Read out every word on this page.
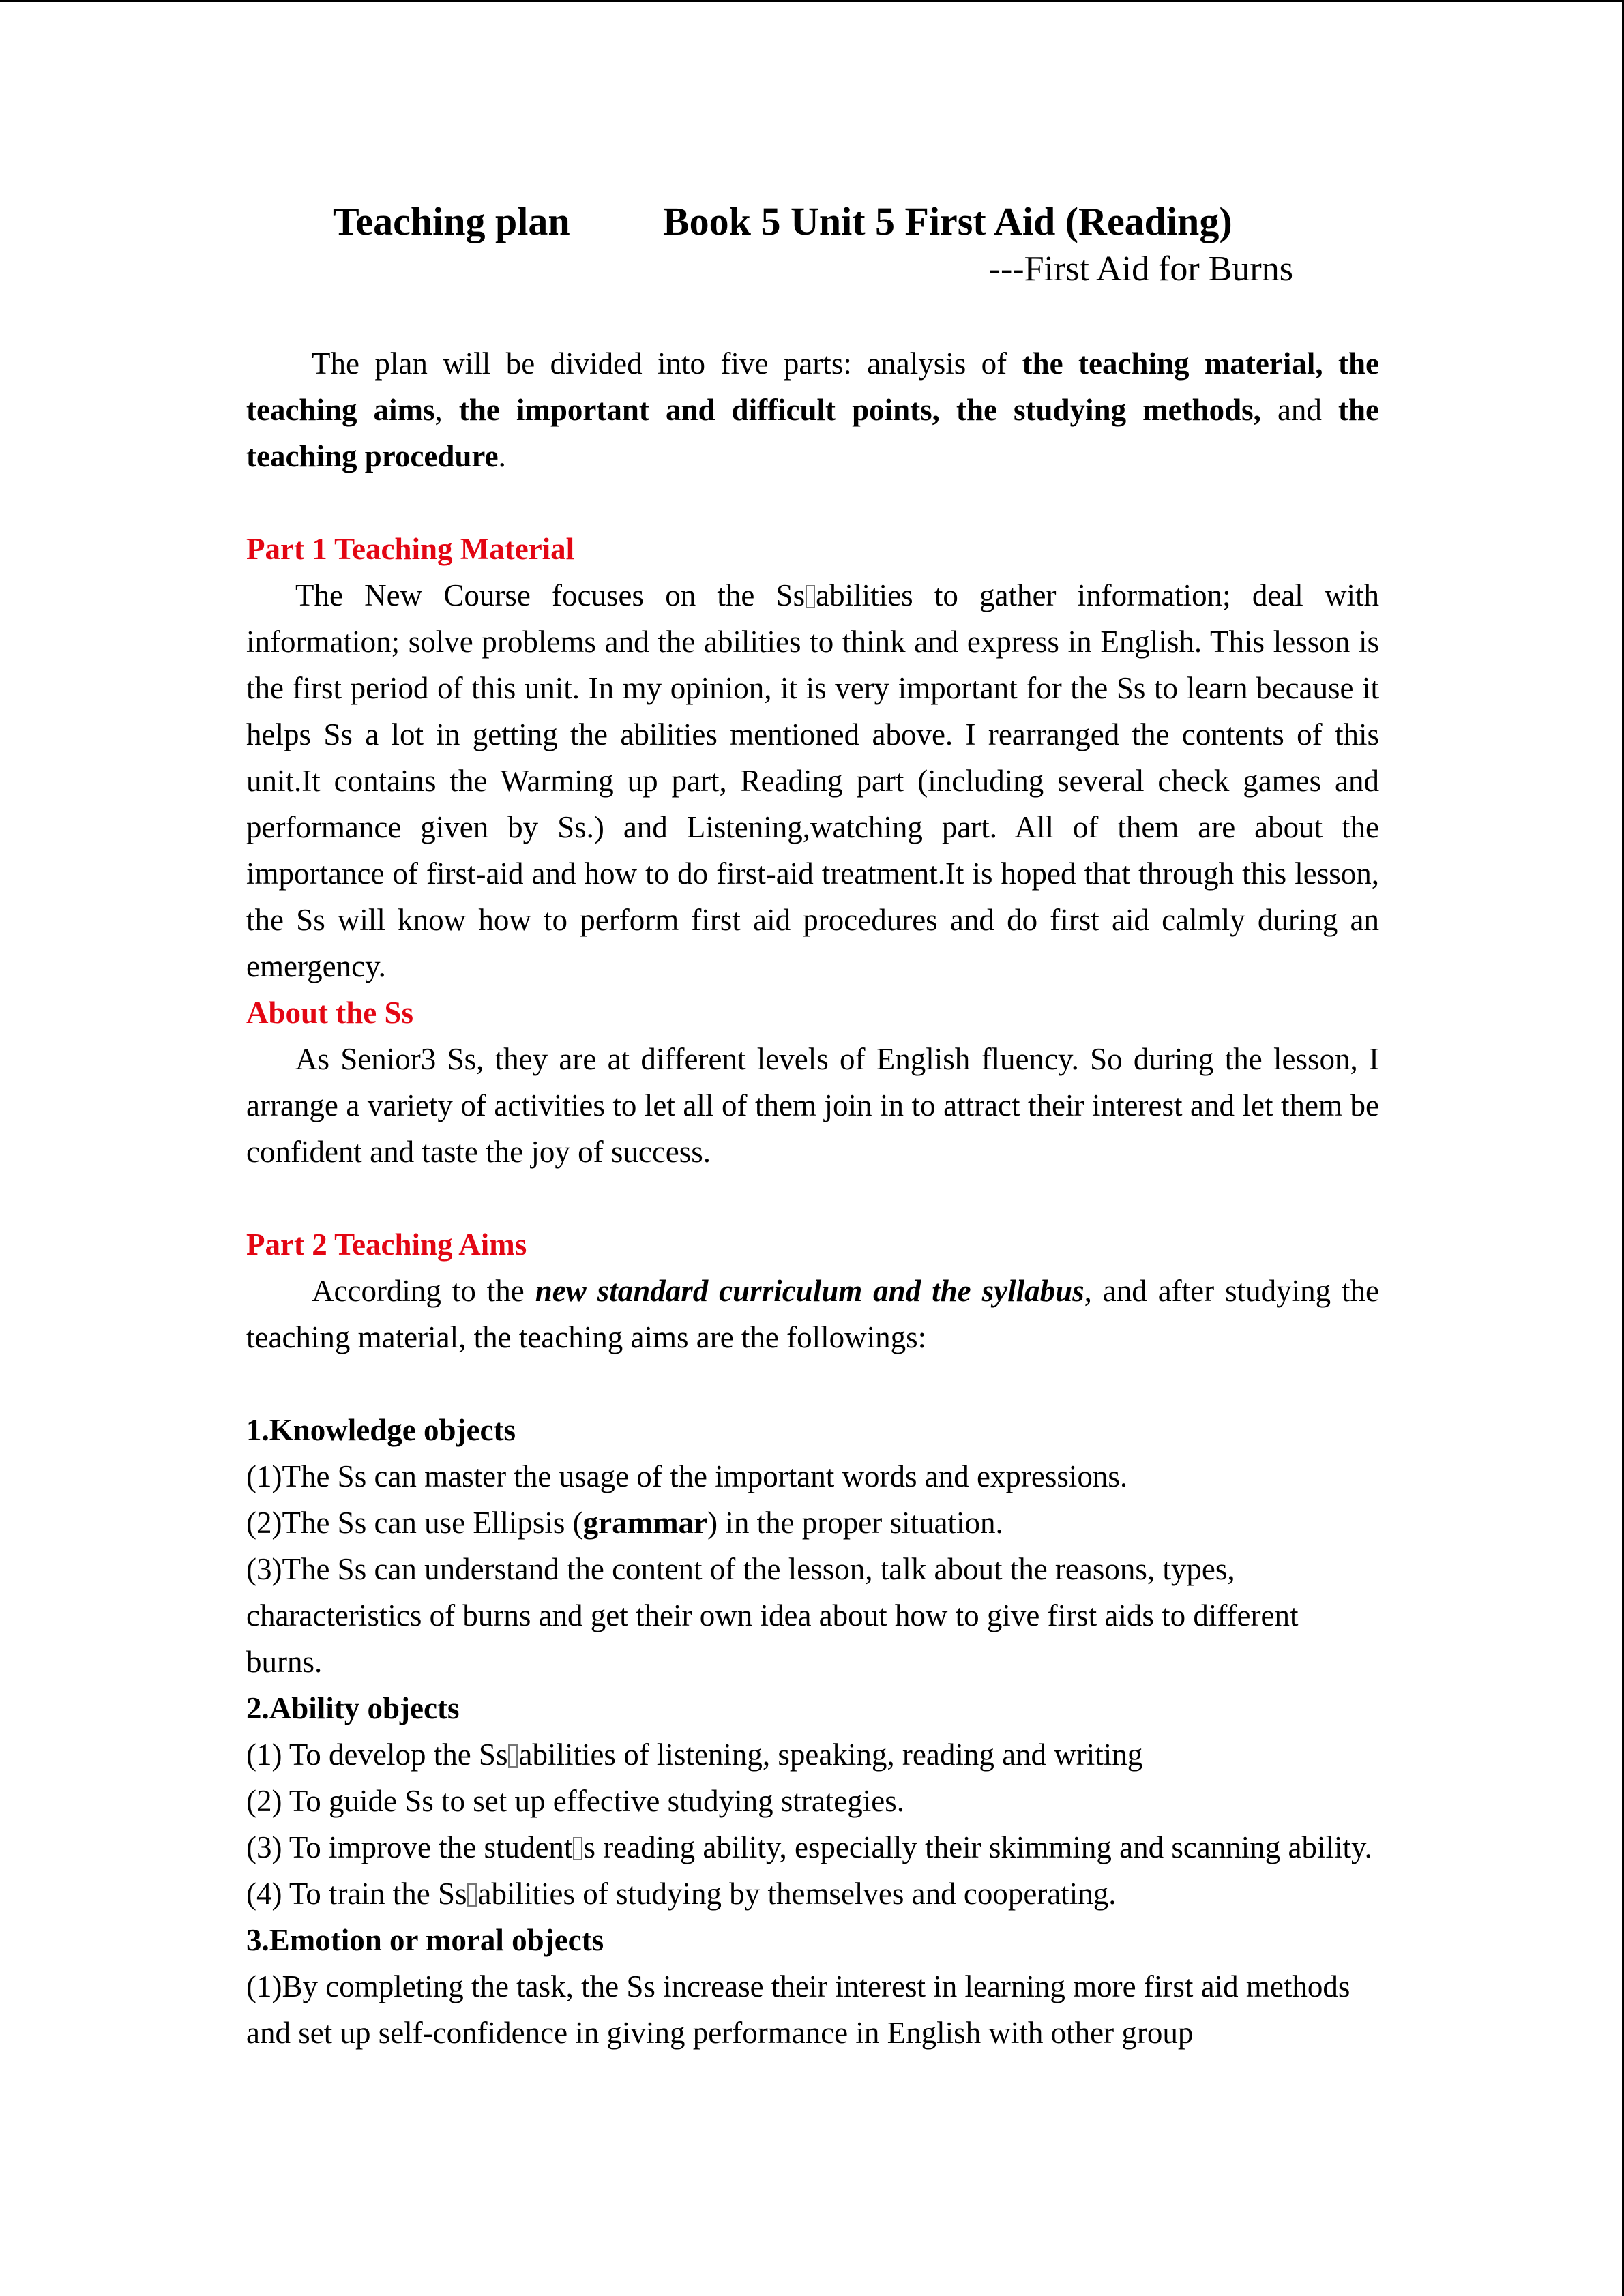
Teaching plan Book 5 Unit 5 First Aid (Reading)
---First Aid for Burns

The plan will be divided into five parts: analysis of the teaching material, the teaching aims, the important and difficult points, the studying methods, and the teaching procedure.

Part 1 Teaching Material

The New Course focuses on the Ss abilities to gather information; deal with information; solve problems and the abilities to think and express in English. This lesson is the first period of this unit. In my opinion, it is very important for the Ss to learn because it helps Ss a lot in getting the abilities mentioned above. I rearranged the contents of this unit.It contains the Warming up part, Reading part (including several check games and performance given by Ss.) and Listening,watching part. All of them are about the importance of first-aid and how to do first-aid treatment.It is hoped that through this lesson, the Ss will know how to perform first aid procedures and do first aid calmly during an emergency.

About the Ss

As Senior3 Ss, they are at different levels of English fluency. So during the lesson, I arrange a variety of activities to let all of them join in to attract their interest and let them be confident and taste the joy of success.

Part 2 Teaching Aims

According to the new standard curriculum and the syllabus, and after studying the teaching material, the teaching aims are the followings:

1.Knowledge objects

(1)The Ss can master the usage of the important words and expressions.

(2)The Ss can use Ellipsis (grammar) in the proper situation.

(3)The Ss can understand the content of the lesson, talk about the reasons, types, characteristics of burns and get their own idea about how to give first aids to different burns.

2.Ability objects

(1) To develop the Ss abilities of listening, speaking, reading and writing

(2) To guide Ss to set up effective studying strategies.

(3) To improve the student s reading ability, especially their skimming and scanning ability.

(4) To train the Ss abilities of studying by themselves and cooperating.

3.Emotion or moral objects

(1)By completing the task, the Ss increase their interest in learning more first aid methods and set up self-confidence in giving performance in English with other group
